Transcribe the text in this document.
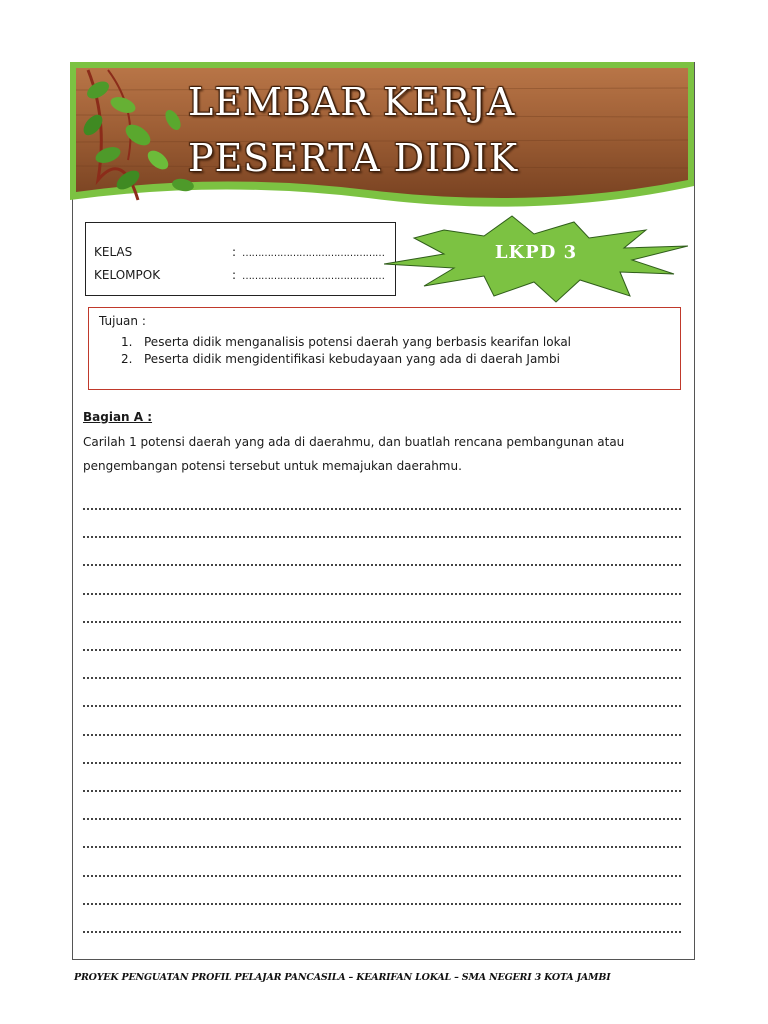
LEMBAR KERJA
PESERTA DIDIK
KELAS	: ………………………………………
KELOMPOK	: ………………………………………
LKPD 3
Tujuan :
1. Peserta didik menganalisis potensi daerah yang berbasis kearifan lokal
2. Peserta didik mengidentifikasi kebudayaan yang ada di daerah Jambi
Bagian A :
Carilah 1 potensi daerah yang ada di daerahmu, dan buatlah rencana pembangunan atau pengembangan potensi tersebut untuk memajukan daerahmu.
PROYEK PENGUATAN PROFIL PELAJAR PANCASILA – KEARIFAN LOKAL – SMA NEGERI 3 KOTA JAMBI
